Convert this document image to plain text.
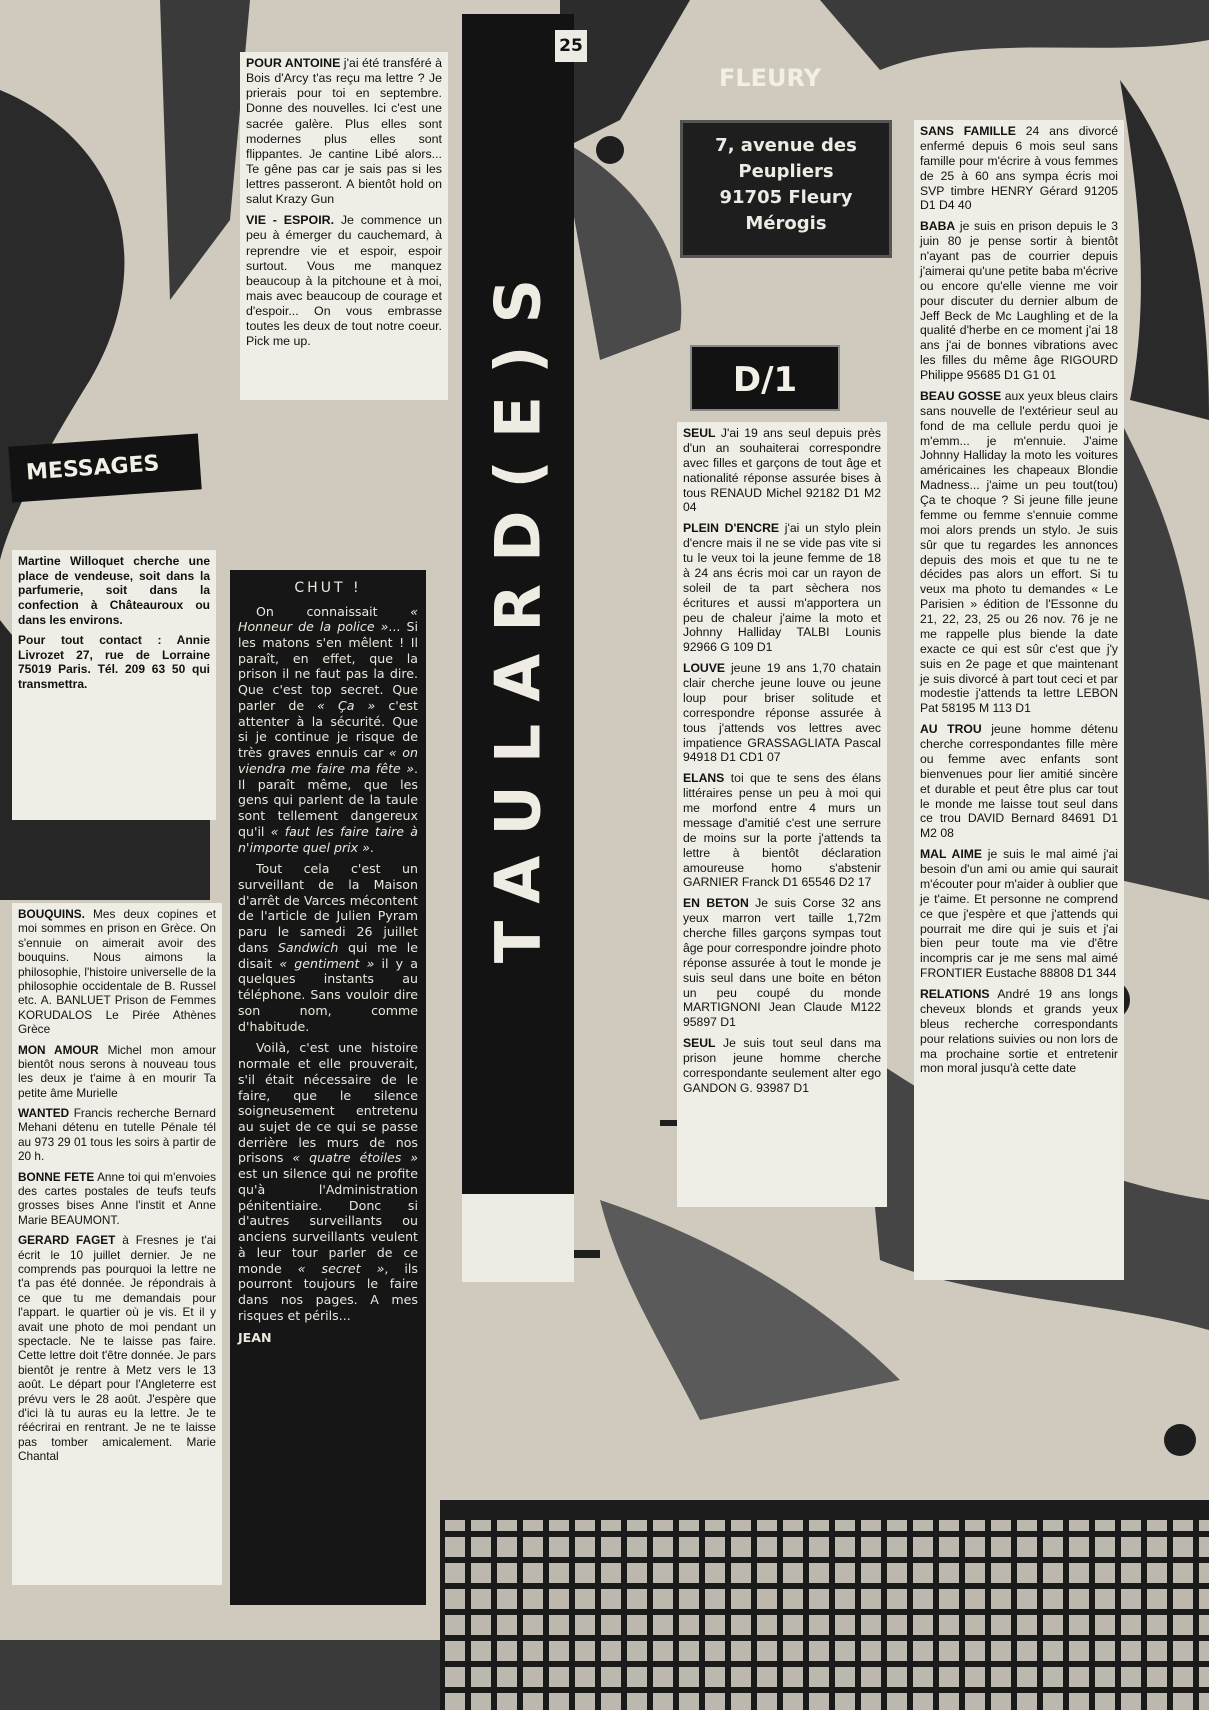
25
TAULARD(E)S

POUR ANTOINE j'ai été transféré à Bois d'Arcy t'as reçu ma lettre ? Je prierais pour toi en septembre. Donne des nouvelles. Ici c'est une sacrée galère. Plus elles sont modernes plus elles sont flippantes. Je cantine Libé alors... Te gêne pas car je sais pas si les lettres passeront. A bientôt hold on salut Krazy Gun

VIE - ESPOIR. Je commence un peu à émerger du cauchemard, à reprendre vie et espoir, espoir surtout. Vous me manquez beaucoup à la pitchoune et à moi, mais avec beaucoup de courage et d'espoir... On vous embrasse toutes les deux de tout notre coeur. Pick me up.

MESSAGES

Martine Willoquet cherche une place de vendeuse, soit dans la parfumerie, soit dans la confection à Châteauroux ou dans les environs.

Pour tout contact : Annie Livrozet 27, rue de Lorraine 75019 Paris. Tél. 209 63 50 qui transmettra.

BOUQUINS. Mes deux copines et moi sommes en prison en Grèce. On s'ennuie on aimerait avoir des bouquins. Nous aimons la philosophie, l'histoire universelle de la philosophie occidentale de B. Russel etc. A. BANLUET Prison de Femmes KORUDALOS Le Pirée Athènes Grèce

MON AMOUR Michel mon amour bientôt nous serons à nouveau tous les deux je t'aime à en mourir Ta petite âme Murielle

WANTED Francis recherche Bernard Mehani détenu en tutelle Pénale tél au 973 29 01 tous les soirs à partir de 20 h.

BONNE FETE Anne toi qui m'envoies des cartes postales de teufs teufs grosses bises Anne l'instit et Anne Marie BEAUMONT.

GERARD FAGET à Fresnes je t'ai écrit le 10 juillet dernier. Je ne comprends pas pourquoi la lettre ne t'a pas été donnée. Je répondrais à ce que tu me demandais pour l'appart. le quartier où je vis. Et il y avait une photo de moi pendant un spectacle. Ne te laisse pas faire. Cette lettre doit t'être donnée. Je pars bientôt je rentre à Metz vers le 13 août. Le départ pour l'Angleterre est prévu vers le 28 août. J'espère que d'ici là tu auras eu la lettre. Je te réécrirai en rentrant. Je ne te laisse pas tomber amicalement. Marie Chantal

CHUT !

On connaissait « Honneur de la police »... Si les matons s'en mêlent ! Il paraît, en effet, que la prison il ne faut pas la dire. Que c'est top secret. Que parler de « Ça » c'est attenter à la sécurité. Que si je continue je risque de très graves ennuis car « on viendra me faire ma fête ». Il paraît même, que les gens qui parlent de la taule sont tellement dangereux qu'il « faut les faire taire à n'importe quel prix ».

Tout cela c'est un surveillant de la Maison d'arrêt de Varces mécontent de l'article de Julien Pyram paru le samedi 26 juillet dans Sandwich qui me le disait « gentiment » il y a quelques instants au téléphone. Sans vouloir dire son nom, comme d'habitude.

Voilà, c'est une histoire normale et elle prouverait, s'il était nécessaire de le faire, que le silence soigneusement entretenu au sujet de ce qui se passe derrière les murs de nos prisons « quatre étoiles » est un silence qui ne profite qu'à l'Administration pénitentiaire. Donc si d'autres surveillants ou anciens surveillants veulent à leur tour parler de ce monde « secret », ils pourront toujours le faire dans nos pages. A mes risques et périls...

JEAN
FLEURY
7, avenue des
Peupliers
91705 Fleury
Mérogis
D/1

SEUL J'ai 19 ans seul depuis près d'un an souhaiterai correspondre avec filles et garçons de tout âge et nationalité réponse assurée bises à tous RENAUD Michel 92182 D1 M2 04

PLEIN D'ENCRE j'ai un stylo plein d'encre mais il ne se vide pas vite si tu le veux toi la jeune femme de 18 à 24 ans écris moi car un rayon de soleil de ta part sèchera nos écritures et aussi m'apportera un peu de chaleur j'aime la moto et Johnny Halliday TALBI Lounis 92966 G 109 D1

LOUVE jeune 19 ans 1,70 chatain clair cherche jeune louve ou jeune loup pour briser solitude et correspondre réponse assurée à tous j'attends vos lettres avec impatience GRASSAGLIATA Pascal 94918 D1 CD1 07

ELANS toi que te sens des élans littéraires pense un peu à moi qui me morfond entre 4 murs un message d'amitié c'est une serrure de moins sur la porte j'attends ta lettre à bientôt déclaration amoureuse homo s'abstenir GARNIER Franck D1 65546 D2 17

EN BETON Je suis Corse 32 ans yeux marron vert taille 1,72m cherche filles garçons sympas tout âge pour correspondre joindre photo réponse assurée à tout le monde je suis seul dans une boite en béton un peu coupé du monde MARTIGNONI Jean Claude M122 95897 D1

SEUL Je suis tout seul dans ma prison jeune homme cherche correspondante seulement alter ego GANDON G. 93987 D1

SANS FAMILLE 24 ans divorcé enfermé depuis 6 mois seul sans famille pour m'écrire à vous femmes de 25 à 60 ans sympa écris moi SVP timbre HENRY Gérard 91205 D1 D4 40

BABA je suis en prison depuis le 3 juin 80 je pense sortir à bientôt n'ayant pas de courrier depuis j'aimerai qu'une petite baba m'écrive ou encore qu'elle vienne me voir pour discuter du dernier album de Jeff Beck de Mc Laughling et de la qualité d'herbe en ce moment j'ai 18 ans j'ai de bonnes vibrations avec les filles du même âge RIGOURD Philippe 95685 D1 G1 01

BEAU GOSSE aux yeux bleus clairs sans nouvelle de l'extérieur seul au fond de ma cellule perdu quoi je m'emm... je m'ennuie. J'aime Johnny Halliday la moto les voitures américaines les chapeaux Blondie Madness... j'aime un peu tout(tou) Ça te choque ? Si jeune fille jeune femme ou femme s'ennuie comme moi alors prends un stylo. Je suis sûr que tu regardes les annonces depuis des mois et que tu ne te décides pas alors un effort. Si tu veux ma photo tu demandes « Le Parisien » édition de l'Essonne du 21, 22, 23, 25 ou 26 nov. 76 je ne me rappelle plus biende la date exacte ce qui est sûr c'est que j'y suis en 2e page et que maintenant je suis divorcé à part tout ceci et par modestie j'attends ta lettre LEBON Pat 58195 M 113 D1

AU TROU jeune homme détenu cherche correspondantes fille mère ou femme avec enfants sont bienvenues pour lier amitié sincère et durable et peut être plus car tout le monde me laisse tout seul dans ce trou DAVID Bernard 84691 D1 M2 08

MAL AIME je suis le mal aimé j'ai besoin d'un ami ou amie qui saurait m'écouter pour m'aider à oublier que je t'aime. Et personne ne comprend ce que j'espère et que j'attends qui pourrait me dire qui je suis et j'ai bien peur toute ma vie d'être incompris car je me sens mal aimé FRONTIER Eustache 88808 D1 344

RELATIONS André 19 ans longs cheveux blonds et grands yeux bleus recherche correspondants pour relations suivies ou non lors de ma prochaine sortie et entretenir mon moral jusqu'à cette date
